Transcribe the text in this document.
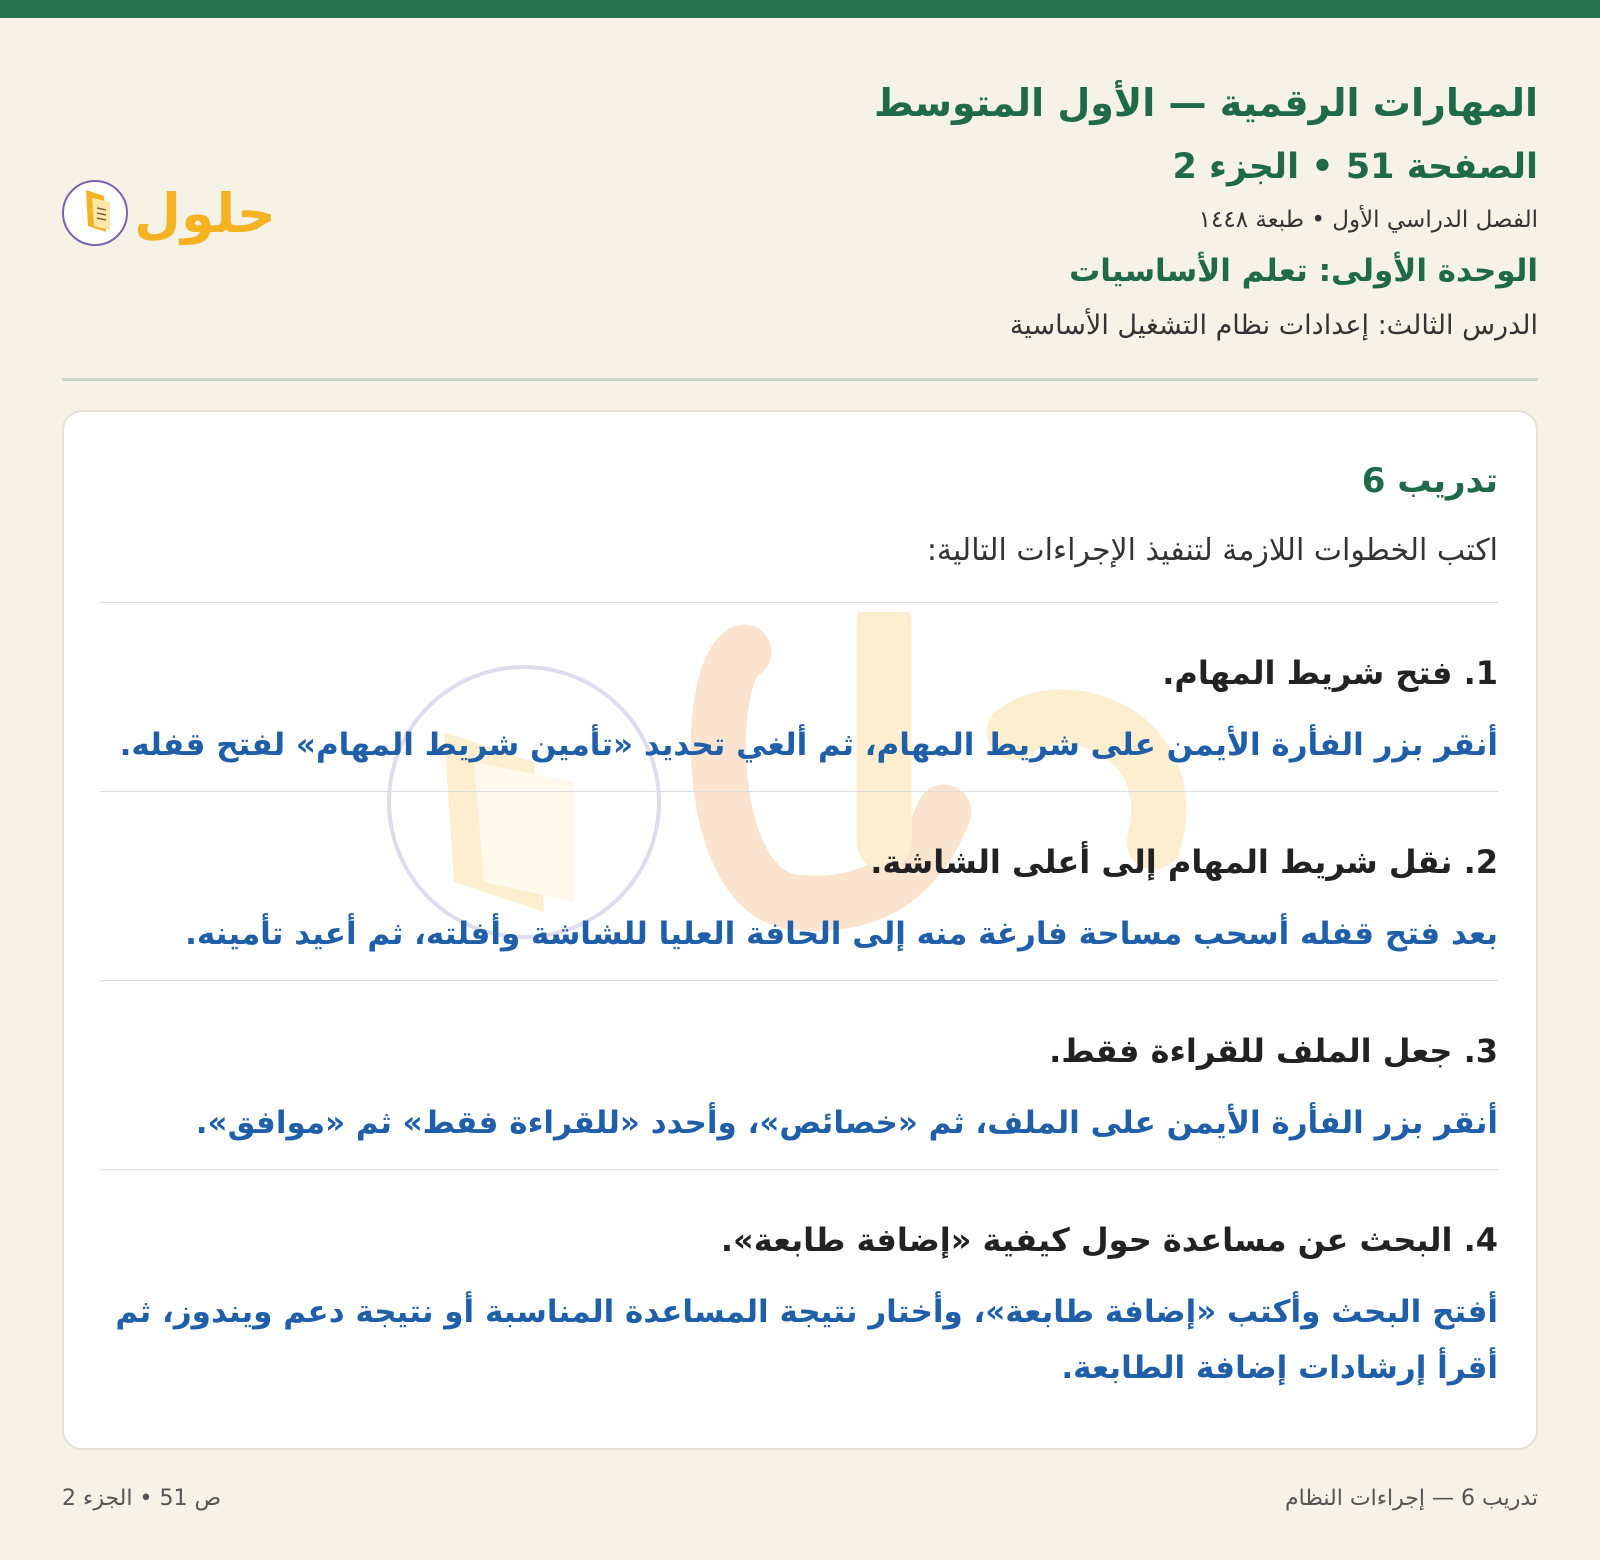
المهارات الرقمية — الأول المتوسط
الصفحة 51 • الجزء 2
الفصل الدراسي الأول • طبعة ١٤٤٨
الوحدة الأولى: تعلم الأساسيات
الدرس الثالث: إعدادات نظام التشغيل الأساسية
حلول
تدريب 6
اكتب الخطوات اللازمة لتنفيذ الإجراءات التالية:
1. فتح شريط المهام.
أنقر بزر الفأرة الأيمن على شريط المهام، ثم ألغي تحديد «تأمين شريط المهام» لفتح قفله.
2. نقل شريط المهام إلى أعلى الشاشة.
بعد فتح قفله أسحب مساحة فارغة منه إلى الحافة العليا للشاشة وأفلته، ثم أعيد تأمينه.
3. جعل الملف للقراءة فقط.
أنقر بزر الفأرة الأيمن على الملف، ثم «خصائص»، وأحدد «للقراءة فقط» ثم «موافق».
4. البحث عن مساعدة حول كيفية «إضافة طابعة».
أفتح البحث وأكتب «إضافة طابعة»، وأختار نتيجة المساعدة المناسبة أو نتيجة دعم ويندوز، ثم أقرأ إرشادات إضافة الطابعة.
تدريب 6 — إجراءات النظام
ص 51 • الجزء 2
